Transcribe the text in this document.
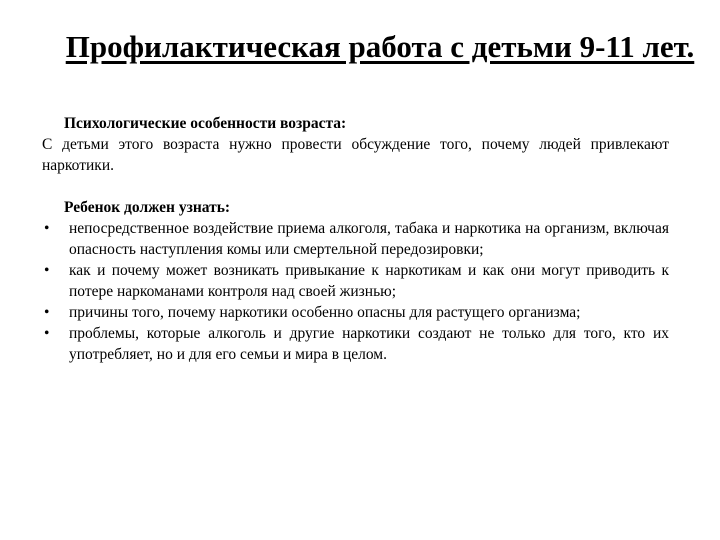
Профилактическая работа с детьми 9-11 лет.
Психологические особенности возраста:
С детьми этого возраста нужно провести обсуждение того, почему людей привлекают наркотики.
Ребенок должен узнать:
• непосредственное воздействие приема алкоголя, табака и наркотика на организм, включая опасность наступления комы или смертельной передозировки;
• как и почему может возникать привыкание к наркотикам и как они могут приводить к потере наркоманами контроля над своей жизнью;
• причины того, почему наркотики особенно опасны для растущего организма;
• проблемы, которые алкоголь и другие наркотики создают не только для того, кто их употребляет, но и для его семьи и мира в целом.
